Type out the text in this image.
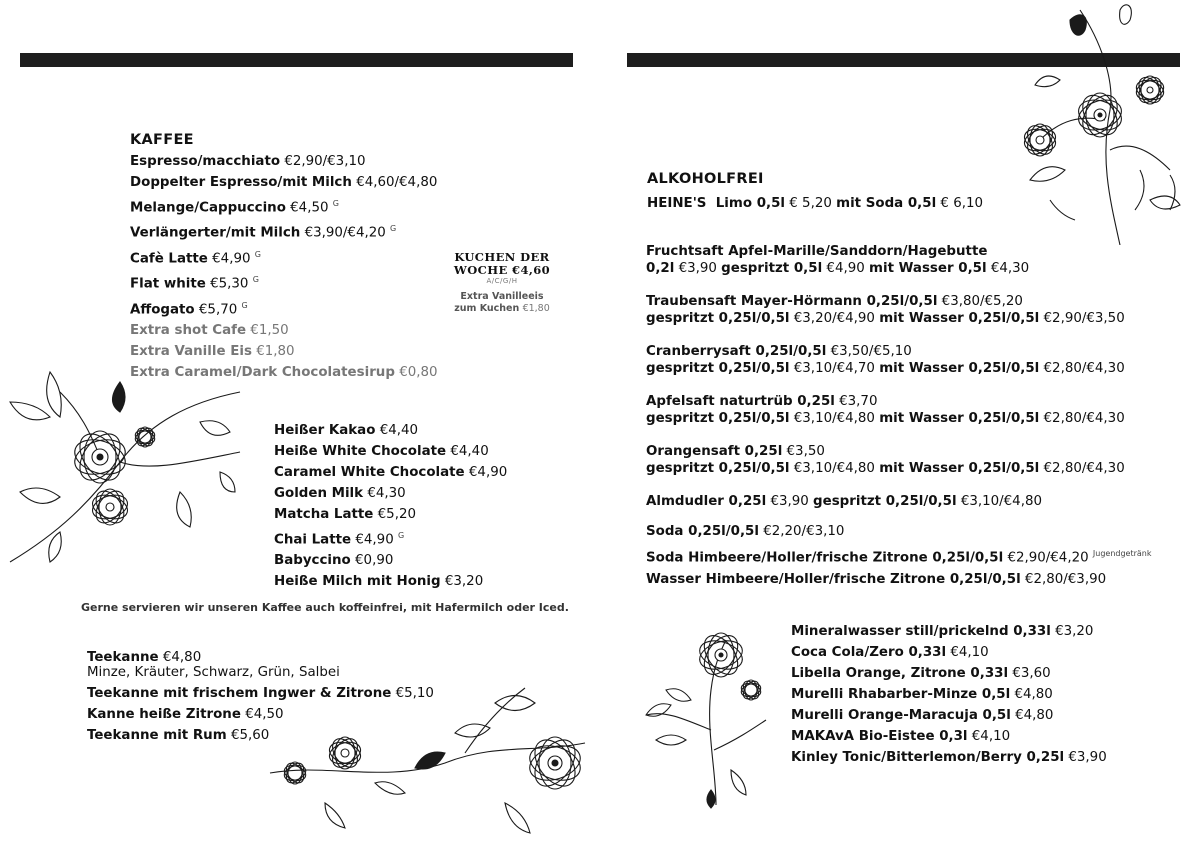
KAFFEE
Espresso/macchiato €2,90/€3,10
Doppelter Espresso/mit Milch €4,60/€4,80
Melange/Cappuccino €4,50 $^G$
Verlängerter/mit Milch €3,90/€4,20 $^G$
Cafè Latte €4,90 $^G$
Flat white €5,30 $^G$
Affogato €5,70 $^G$
Extra shot Cafe €1,50
Extra Vanille Eis €1,80
Extra Caramel/Dark Chocolatesirup €0,80
KUCHEN DER
WOCHE €4,60
A/C/G/H
Extra Vanilleeis
zum Kuchen €1,80
Heißer Kakao €4,40
Heiße White Chocolate €4,40
Caramel White Chocolate €4,90
Golden Milk €4,30
Matcha Latte €5,20
Chai Latte €4,90 $^G$
Babyccino €0,90
Heiße Milch mit Honig €3,20
Gerne servieren wir unseren Kaffee auch koffeinfrei, mit Hafermilch oder Iced.
Teekanne €4,80
Minze, Kräuter, Schwarz, Grün, Salbei
Teekanne mit frischem Ingwer & Zitrone €5,10
Kanne heiße Zitrone €4,50
Teekanne mit Rum €5,60
ALKOHOLFREI
HEINE'S  Limo 0,5l € 5,20 mit Soda 0,5l € 6,10
Fruchtsaft Apfel-Marille/Sanddorn/Hagebutte
0,2l €3,90 gespritzt 0,5l €4,90 mit Wasser 0,5l €4,30
Traubensaft Mayer-Hörmann 0,25l/0,5l €3,80/€5,20
gespritzt 0,25l/0,5l €3,20/€4,90 mit Wasser 0,25l/0,5l €2,90/€3,50
Cranberrysaft 0,25l/0,5l €3,50/€5,10
gespritzt 0,25l/0,5l €3,10/€4,70 mit Wasser 0,25l/0,5l €2,80/€4,30
Apfelsaft naturtrüb 0,25l €3,70
gespritzt 0,25l/0,5l €3,10/€4,80 mit Wasser 0,25l/0,5l €2,80/€4,30
Orangensaft 0,25l €3,50
gespritzt 0,25l/0,5l €3,10/€4,80 mit Wasser 0,25l/0,5l €2,80/€4,30
Almdudler 0,25l €3,90 gespritzt 0,25l/0,5l €3,10/€4,80
Soda 0,25l/0,5l €2,20/€3,10
Soda Himbeere/Holler/frische Zitrone 0,25l/0,5l €2,90/€4,20 $^{Jugendgetränk}$
Wasser Himbeere/Holler/frische Zitrone 0,25l/0,5l €2,80/€3,90
Mineralwasser still/prickelnd 0,33l €3,20
Coca Cola/Zero 0,33l €4,10
Libella Orange, Zitrone 0,33l €3,60
Murelli Rhabarber-Minze 0,5l €4,80
Murelli Orange-Maracuja 0,5l €4,80
MAKAvA Bio-Eistee 0,3l €4,10
Kinley Tonic/Bitterlemon/Berry 0,25l €3,90
